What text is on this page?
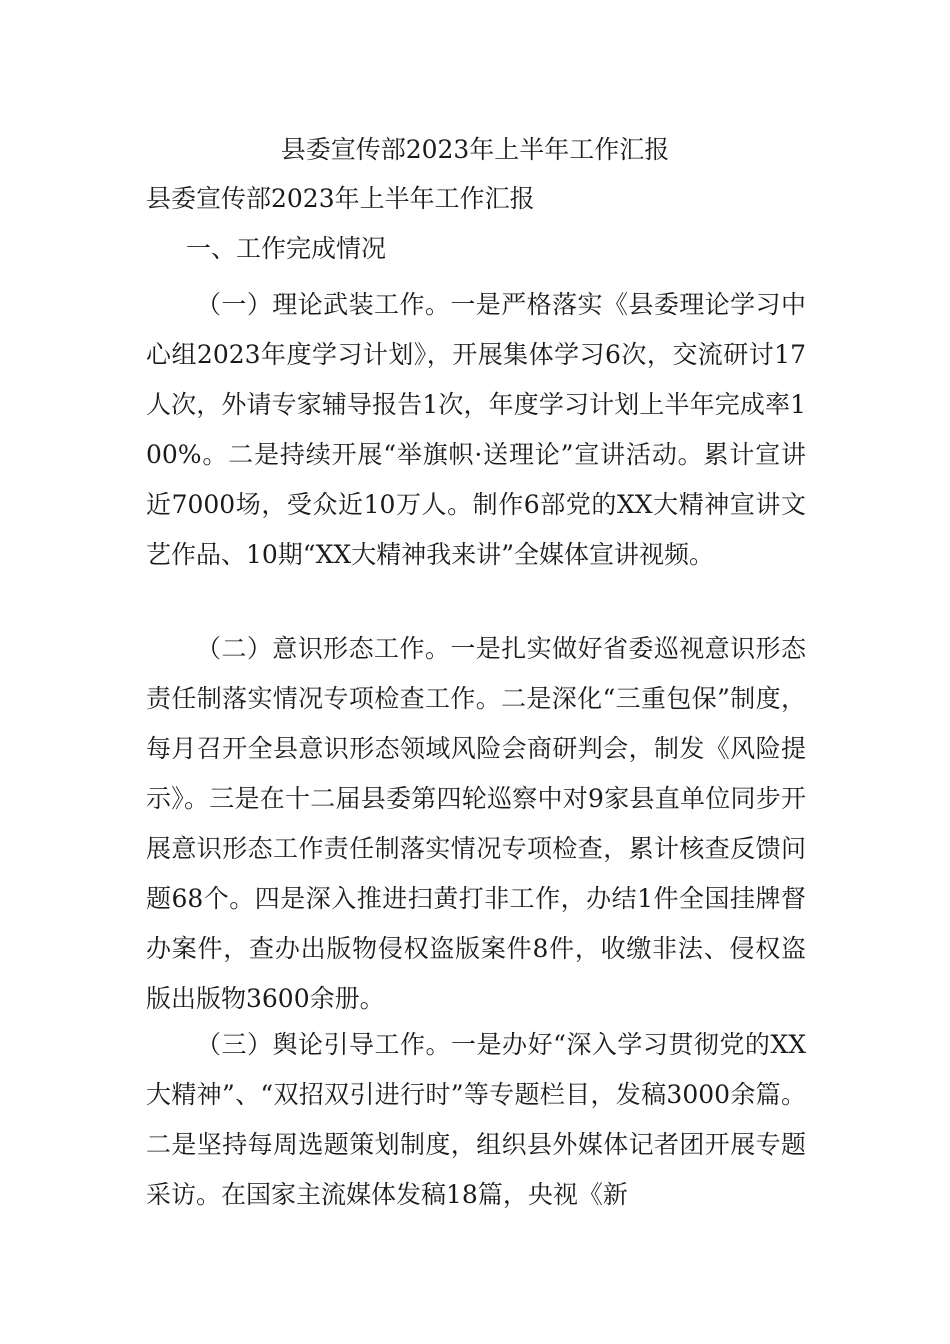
县委宣传部2023年上半年工作汇报
县委宣传部2023年上半年工作汇报
一、工作完成情况

（一）理论武装工作。一是严格落实《县委理论学习中心组2023年度学习计划》，开展集体学习6次，交流研讨17人次，外请专家辅导报告1次，年度学习计划上半年完成率100%。二是持续开展“举旗帜·送理论”宣讲活动。累计宣讲近7000场，受众近10万人。制作6部党的XX大精神宣讲文艺作品、10期“XX大精神我来讲”全媒体宣讲视频。

（二）意识形态工作。一是扎实做好省委巡视意识形态责任制落实情况专项检查工作。二是深化“三重包保”制度，每月召开全县意识形态领域风险会商研判会，制发《风险提示》。三是在十二届县委第四轮巡察中对9家县直单位同步开展意识形态工作责任制落实情况专项检查，累计核查反馈问题68个。四是深入推进扫黄打非工作，办结1件全国挂牌督办案件，查办出版物侵权盗版案件8件，收缴非法、侵权盗版出版物3600余册。

（三）舆论引导工作。一是办好“深入学习贯彻党的XX大精神”、“双招双引进行时”等专题栏目，发稿3000余篇。二是坚持每周选题策划制度，组织县外媒体记者团开展专题采访。在国家主流媒体发稿18篇，央视《新
